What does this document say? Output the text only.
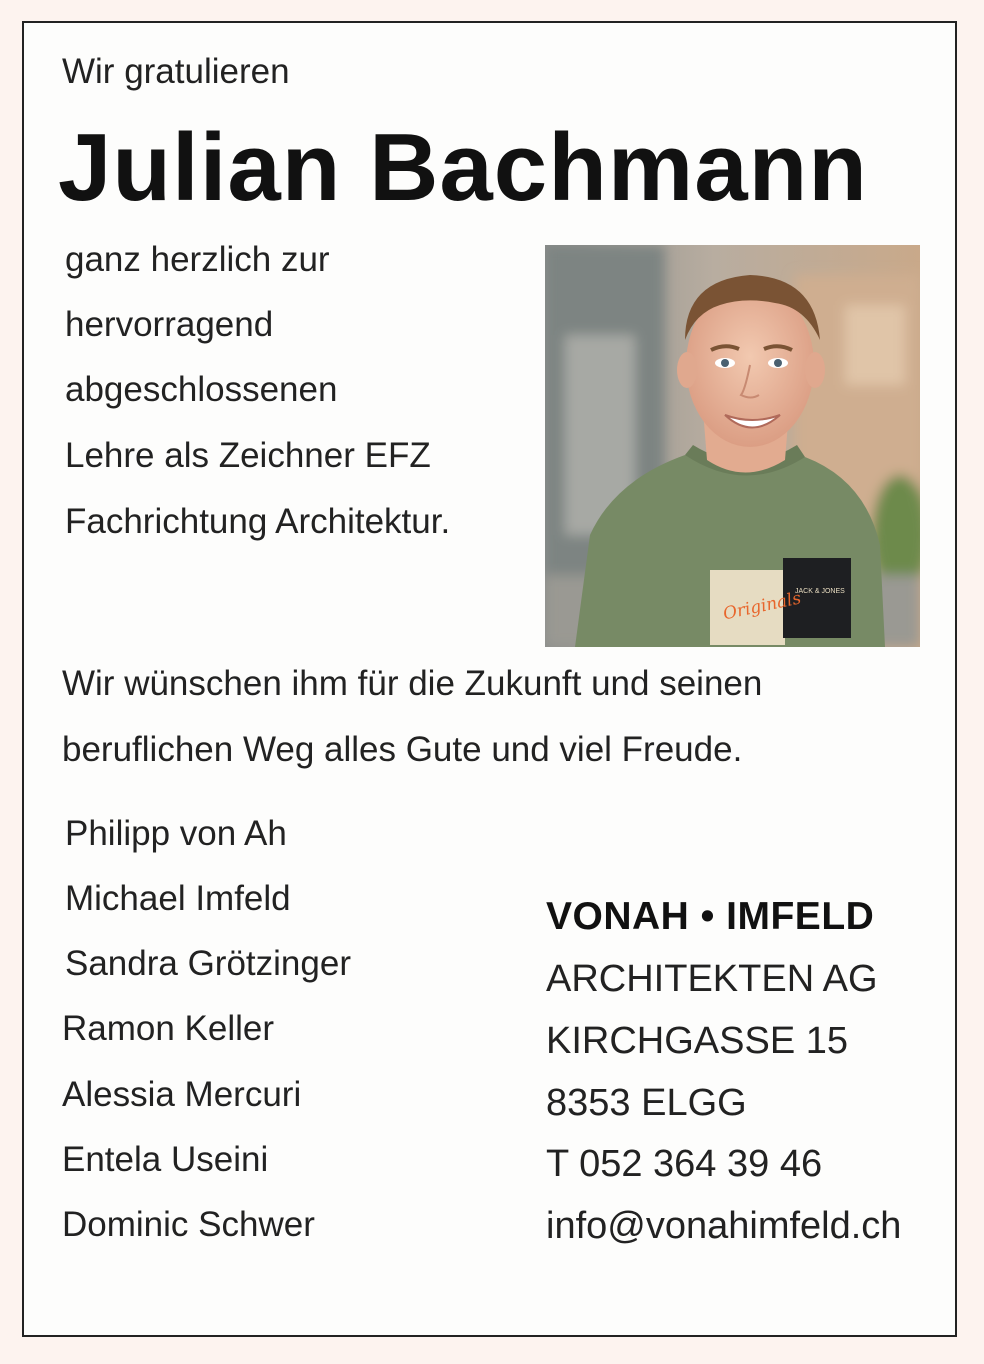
Wir gratulieren
Julian Bachmann
ganz herzlich zur
hervorragend
abgeschlossenen
Lehre als Zeichner EFZ
Fachrichtung Architektur.
Originals
JACK & JONES
Wir wünschen ihm für die Zukunft und seinen
beruflichen Weg alles Gute und viel Freude.
Philipp von Ah
Michael Imfeld
Sandra Grötzinger
Ramon Keller
Alessia Mercuri
Entela Useini
Dominic Schwer
VONAH • IMFELD
ARCHITEKTEN AG
KIRCHGASSE 15
8353 ELGG
T 052 364 39 46
info@vonahimfeld.ch
